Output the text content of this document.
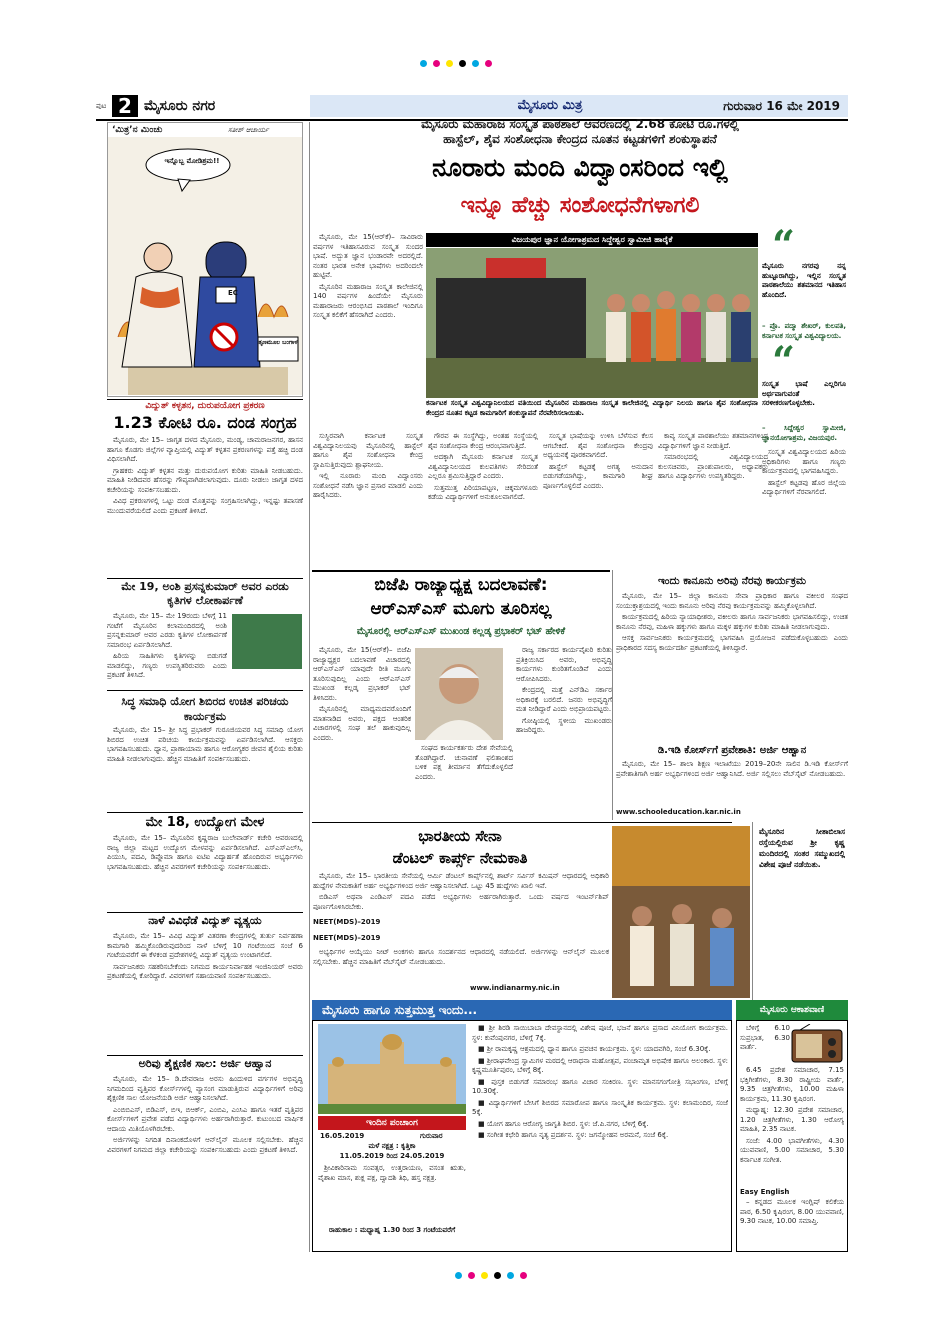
ಪುಟ 2 ಮೈಸೂರು ನಗರ	ಮೈಸೂರು ಮಿತ್ರ	ಗುರುವಾರ 16 ಮೇ 2019
‘ಮಿತ್ರ’ನ ಮಿಂಚು	ಸತೀಶ್ ಆಚಾರ್ಯ
ಇನ್ನೊಬ್ಬ ಮೋಡಿಶ್ರಮ!!
ತೃಣಮೂಲ ಬಂಗಾಳ
EC
ವಿದ್ಯುತ್ ಕಳ್ಳತನ, ದುರುಪಯೋಗ ಪ್ರಕರಣ
1.23 ಕೋಟಿ ರೂ. ದಂಡ ಸಂಗ್ರಹ

ಮೈಸೂರು, ಮೇ 15– ಜಾಗೃತ ದಳದ ಮೈಸೂರು, ಮಂಡ್ಯ, ಚಾಮರಾಜನಗರ, ಹಾಸನ ಹಾಗೂ ಕೊಡಗು ಜಿಲ್ಲೆಗಳ ವ್ಯಾಪ್ತಿಯಲ್ಲಿ ವಿದ್ಯುತ್ ಕಳ್ಳತನ ಪ್ರಕರಣಗಳನ್ನು ಪತ್ತೆ ಹಚ್ಚಿ ದಂಡ ವಿಧಿಸಲಾಗಿದೆ.

ಗ್ರಾಹಕರು ವಿದ್ಯುತ್ ಕಳ್ಳತನ ಮತ್ತು ದುರುಪಯೋಗ ಕುರಿತು ಮಾಹಿತಿ ನೀಡಬಹುದು. ಮಾಹಿತಿ ನೀಡಿದವರ ಹೆಸರನ್ನು ಗೌಪ್ಯವಾಗಿಡಲಾಗುವುದು. ದೂರು ನೀಡಲು ಜಾಗೃತ ದಳದ ಕಚೇರಿಯನ್ನು ಸಂಪರ್ಕಿಸಬಹುದು.

ವಿವಿಧ ಪ್ರಕರಣಗಳಲ್ಲಿ ಒಟ್ಟು ದಂಡ ಮೊತ್ತವನ್ನು ಸಂಗ್ರಹಿಸಲಾಗಿದ್ದು, ಇನ್ನಷ್ಟು ತಪಾಸಣೆ ಮುಂದುವರೆಯಲಿದೆ ಎಂದು ಪ್ರಕಟಣೆ ತಿಳಿಸಿದೆ.

ಮೇ 19, ಅಂಶಿ ಪ್ರಸನ್ನಕುಮಾರ್ ಅವರ ಎರಡು ಕೃತಿಗಳ ಲೋಕಾರ್ಪಣೆ

ಮೈಸೂರು, ಮೇ 15– ಮೇ 19ರಂದು ಬೆಳಿಗ್ಗೆ 11 ಗಂಟೆಗೆ ಮೈಸೂರಿನ ಕಲಾಮಂದಿರದಲ್ಲಿ ಅಂಶಿ ಪ್ರಸನ್ನಕುಮಾರ್ ಅವರ ಎರಡು ಕೃತಿಗಳ ಲೋಕಾರ್ಪಣೆ ಸಮಾರಂಭ ಏರ್ಪಡಿಸಲಾಗಿದೆ.

ಹಿರಿಯ ಸಾಹಿತಿಗಳು ಕೃತಿಗಳನ್ನು ಬಿಡುಗಡೆ ಮಾಡಲಿದ್ದು, ಗಣ್ಯರು ಉಪಸ್ಥಿತರಿರುವರು ಎಂದು ಪ್ರಕಟಣೆ ತಿಳಿಸಿದೆ.

ಸಿದ್ಧ ಸಮಾಧಿ ಯೋಗ ಶಿಬಿರದ ಉಚಿತ ಪರಿಚಯ ಕಾರ್ಯಕ್ರಮ

ಮೈಸೂರು, ಮೇ 15– ಶ್ರೀ ಸಿದ್ಧ ಪ್ರಭಾಕರ್ ಗುರೂಜಿಯವರ ಸಿದ್ಧ ಸಮಾಧಿ ಯೋಗ ಶಿಬಿರದ ಉಚಿತ ಪರಿಚಯ ಕಾರ್ಯಕ್ರಮವನ್ನು ಏರ್ಪಡಿಸಲಾಗಿದೆ. ಆಸಕ್ತರು ಭಾಗವಹಿಸಬಹುದು. ಧ್ಯಾನ, ಪ್ರಾಣಾಯಾಮ ಹಾಗೂ ಆರೋಗ್ಯಕರ ಜೀವನ ಶೈಲಿಯ ಕುರಿತು ಮಾಹಿತಿ ನೀಡಲಾಗುವುದು. ಹೆಚ್ಚಿನ ಮಾಹಿತಿಗೆ ಸಂಪರ್ಕಿಸಬಹುದು.

ಮೇ 18, ಉದ್ಯೋಗ ಮೇಳ

ಮೈಸೂರು, ಮೇ 15– ಮೈಸೂರಿನ ಕೃಷ್ಣರಾಜ ಬುಲೇವಾರ್ಡ್ ಕಚೇರಿ ಆವರಣದಲ್ಲಿ ರಾಜ್ಯ ಜಿಲ್ಲಾ ಮಟ್ಟದ ಉದ್ಯೋಗ ಮೇಳವನ್ನು ಏರ್ಪಡಿಸಲಾಗಿದೆ. ಎಸ್‌ಎಸ್‌ಎಲ್‌ಸಿ, ಪಿಯುಸಿ, ಪದವಿ, ಡಿಪ್ಲೊಮಾ ಹಾಗೂ ಐಟಿಐ ವಿದ್ಯಾರ್ಹತೆ ಹೊಂದಿರುವ ಅಭ್ಯರ್ಥಿಗಳು ಭಾಗವಹಿಸಬಹುದು. ಹೆಚ್ಚಿನ ವಿವರಗಳಿಗೆ ಕಚೇರಿಯನ್ನು ಸಂಪರ್ಕಿಸಬಹುದು.

ನಾಳೆ ವಿವಿಧೆಡೆ ವಿದ್ಯುತ್ ವ್ಯತ್ಯಯ

ಮೈಸೂರು, ಮೇ 15– ವಿವಿಧ ವಿದ್ಯುತ್ ವಿತರಣಾ ಕೇಂದ್ರಗಳಲ್ಲಿ ತುರ್ತು ನಿರ್ವಹಣಾ ಕಾಮಗಾರಿ ಹಮ್ಮಿಕೊಂಡಿರುವುದರಿಂದ ನಾಳೆ ಬೆಳಿಗ್ಗೆ 10 ಗಂಟೆಯಿಂದ ಸಂಜೆ 6 ಗಂಟೆಯವರೆಗೆ ಈ ಕೆಳಕಂಡ ಪ್ರದೇಶಗಳಲ್ಲಿ ವಿದ್ಯುತ್ ವ್ಯತ್ಯಯ ಉಂಟಾಗಲಿದೆ.

ಸಾರ್ವಜನಿಕರು ಸಹಕರಿಸಬೇಕೆಂದು ನಿಗಮದ ಕಾರ್ಯನಿರ್ವಾಹಕ ಇಂಜಿನಿಯರ್ ಅವರು ಪ್ರಕಟಣೆಯಲ್ಲಿ ಕೋರಿದ್ದಾರೆ. ವಿವರಗಳಿಗೆ ಸಹಾಯವಾಣಿ ಸಂಪರ್ಕಿಸಬಹುದು.

ಅರಿವು ಶೈಕ್ಷಣಿಕ ಸಾಲ: ಅರ್ಜಿ ಆಹ್ವಾನ

ಮೈಸೂರು, ಮೇ 15– ಡಿ.ದೇವರಾಜ ಅರಸು ಹಿಂದುಳಿದ ವರ್ಗಗಳ ಅಭಿವೃದ್ಧಿ ನಿಗಮದಿಂದ ವೃತ್ತಿಪರ ಕೋರ್ಸ್‌ಗಳಲ್ಲಿ ವ್ಯಾಸಂಗ ಮಾಡುತ್ತಿರುವ ವಿದ್ಯಾರ್ಥಿಗಳಿಗೆ ಅರಿವು ಶೈಕ್ಷಣಿಕ ಸಾಲ ಯೋಜನೆಯಡಿ ಅರ್ಜಿ ಆಹ್ವಾನಿಸಲಾಗಿದೆ.

ಎಂಬಿಬಿಎಸ್, ಬಿಡಿಎಸ್, ಬಿಇ, ಬಿಆರ್ಕ್, ಎಂಬಿಎ, ಎಂಸಿಎ ಹಾಗೂ ಇತರೆ ವೃತ್ತಿಪರ ಕೋರ್ಸ್‌ಗಳಿಗೆ ಪ್ರವೇಶ ಪಡೆದ ವಿದ್ಯಾರ್ಥಿಗಳು ಅರ್ಹರಾಗಿರುತ್ತಾರೆ. ಕುಟುಂಬದ ವಾರ್ಷಿಕ ಆದಾಯ ಮಿತಿಯೊಳಗಿರಬೇಕು.

ಅರ್ಜಿಗಳನ್ನು ನಿಗದಿತ ದಿನಾಂಕದೊಳಗೆ ಆನ್‌ಲೈನ್ ಮೂಲಕ ಸಲ್ಲಿಸಬೇಕು. ಹೆಚ್ಚಿನ ವಿವರಗಳಿಗೆ ನಿಗಮದ ಜಿಲ್ಲಾ ಕಚೇರಿಯನ್ನು ಸಂಪರ್ಕಿಸಬಹುದು ಎಂದು ಪ್ರಕಟಣೆ ತಿಳಿಸಿದೆ.

ಮೈಸೂರು ಮಹಾರಾಜ ಸಂಸ್ಕೃತ ಪಾಠಶಾಲೆ ಆವರಣದಲ್ಲಿ 2.68 ಕೋಟಿ ರೂ.ಗಳಲ್ಲಿ
ಹಾಸ್ಟೆಲ್, ಶೈವ ಸಂಶೋಧನಾ ಕೇಂದ್ರದ ನೂತನ ಕಟ್ಟಡಗಳಿಗೆ ಶಂಕುಸ್ಥಾಪನೆ
ನೂರಾರು ಮಂದಿ ವಿದ್ವಾಂಸರಿಂದ ಇಲ್ಲಿ
ಇನ್ನೂ ಹೆಚ್ಚು ಸಂಶೋಧನೆಗಳಾಗಲಿ

ಮೈಸೂರು, ಮೇ 15(ಆರ್‌ಕೆ)– ಸಾವಿರಾರು ವರ್ಷಗಳ ಇತಿಹಾಸವಿರುವ ಸಂಸ್ಕೃತ ಸುಂದರ ಭಾಷೆ. ಅದ್ಭುತ ಜ್ಞಾನ ಭಂಡಾರವೇ ಅದರಲ್ಲಿದೆ. ನಂತರ ಭಾರತ ಅನೇಕ ಭಾಷೆಗಳು ಅದರಿಂದಲೇ ಹುಟ್ಟಿವೆ.

ಮೈಸೂರಿನ ಮಹಾರಾಜ ಸಂಸ್ಕೃತ ಕಾಲೇಜಿನಲ್ಲಿ 140 ವರ್ಷಗಳ ಹಿಂದೆಯೇ ಮೈಸೂರು ಮಹಾರಾಜರು ಆರಂಭಿಸಿದ ಪಾಠಶಾಲೆ ಇಂದಿಗೂ ಸಂಸ್ಕೃತ ಕಲಿಕೆಗೆ ಹೆಸರಾಗಿದೆ ಎಂದರು.

ವಿಜಯಪುರ ಜ್ಞಾನ ಯೋಗಾಶ್ರಮದ ಸಿದ್ದೇಶ್ವರ ಸ್ವಾಮೀಜಿ ಹಾರೈಕೆ
ಕರ್ನಾಟಕ ಸಂಸ್ಕೃತ ವಿಶ್ವವಿದ್ಯಾನಿಲಯದ ವತಿಯಿಂದ ಮೈಸೂರಿನ ಮಹಾರಾಜ ಸಂಸ್ಕೃತ ಕಾಲೇಜಿನಲ್ಲಿ ವಿದ್ಯಾರ್ಥಿ ನಿಲಯ ಹಾಗೂ ಶೈವ ಸಂಶೋಧನಾ ಕೇಂದ್ರದ ನೂತನ ಕಟ್ಟಡ ಕಾಮಗಾರಿಗೆ ಶಂಕುಸ್ಥಾಪನೆ ನೆರವೇರಿಸಲಾಯಿತು.

ಸುಸ್ಥಿರವಾಗಿ ಕರ್ನಾಟಕ ಸಂಸ್ಕೃತ ವಿಶ್ವವಿದ್ಯಾನಿಲಯವು ಮೈಸೂರಿನಲ್ಲಿ ಹಾಸ್ಟೆಲ್ ಹಾಗೂ ಶೈವ ಸಂಶೋಧನಾ ಕೇಂದ್ರ ಸ್ಥಾಪಿಸುತ್ತಿರುವುದು ಶ್ಲಾಘನೀಯ.

ಇಲ್ಲಿ ನೂರಾರು ಮಂದಿ ವಿದ್ವಾಂಸರು ಸಂಶೋಧನೆ ನಡೆಸಿ ಜ್ಞಾನ ಪ್ರಸಾರ ಮಾಡಲಿ ಎಂದು ಹಾರೈಸಿದರು.

ಗೌರವ ಈ ಸಂಸ್ಥೆಗಿದ್ದು, ಅಂತಹ ಸಂಸ್ಥೆಯಲ್ಲಿ ಶೈವ ಸಂಶೋಧನಾ ಕೇಂದ್ರ ಆರಂಭವಾಗುತ್ತಿದೆ.

ಅದಕ್ಕಾಗಿ ಮೈಸೂರು ಕರ್ನಾಟಕ ಸಂಸ್ಕೃತ ವಿಶ್ವವಿದ್ಯಾನಿಲಯದ ಕುಲಪತಿಗಳು ಸೇರಿದಂತೆ ಎಲ್ಲರೂ ಶ್ರಮಿಸುತ್ತಿದ್ದಾರೆ ಎಂದರು.

ಸುತ್ತಮುತ್ತ ಪಿರಿಯಾಪಟ್ಟಣ, ಚಿಕ್ಕಮಗಳೂರು ಕಡೆಯ ವಿದ್ಯಾರ್ಥಿಗಳಿಗೆ ಅನುಕೂಲವಾಗಲಿದೆ.

ಸಂಸ್ಕೃತ ಭಾಷೆಯನ್ನು ಉಳಿಸಿ ಬೆಳೆಸುವ ಕೆಲಸ ಆಗಬೇಕಿದೆ. ಶೈವ ಸಂಶೋಧನಾ ಕೇಂದ್ರವು ಅಧ್ಯಯನಕ್ಕೆ ಪೂರಕವಾಗಲಿದೆ.

ಹಾಸ್ಟೆಲ್ ಕಟ್ಟಡಕ್ಕೆ ಅಗತ್ಯ ಅನುದಾನ ಬಿಡುಗಡೆಯಾಗಿದ್ದು, ಕಾಮಗಾರಿ ಶೀಘ್ರ ಪೂರ್ಣಗೊಳ್ಳಲಿದೆ ಎಂದರು.

ಕಾವ್ಯ ಸಂಸ್ಕೃತ ಪಾಠಶಾಲೆಯು ಶತಮಾನಗಳಿಂದ ವಿದ್ಯಾರ್ಥಿಗಳಿಗೆ ಜ್ಞಾನ ನೀಡುತ್ತಿದೆ.

ಸಮಾರಂಭದಲ್ಲಿ ವಿಶ್ವವಿದ್ಯಾಲಯದ ಕುಲಸಚಿವರು, ಪ್ರಾಂಶುಪಾಲರು, ಅಧ್ಯಾಪಕರು ಹಾಗೂ ವಿದ್ಯಾರ್ಥಿಗಳು ಉಪಸ್ಥಿತರಿದ್ದರು.

“
ಮೈಸೂರು ನಗರವು ನನ್ನ ಹುಟ್ಟೂರಾಗಿದ್ದು, ಇಲ್ಲಿನ ಸಂಸ್ಕೃತ ಪಾಠಶಾಲೆಯು ಶತಮಾನದ ಇತಿಹಾಸ ಹೊಂದಿದೆ.
– ಪ್ರೊ. ಪದ್ಮಾ ಶೇಖರ್, ಕುಲಪತಿ, ಕರ್ನಾಟಕ ಸಂಸ್ಕೃತ ವಿಶ್ವವಿದ್ಯಾಲಯ.
“
ಸಂಸ್ಕೃತ ಭಾಷೆ ಎಲ್ಲರಿಗೂ ಅರ್ಥವಾಗುವಂತೆ ಸರಳೀಕರಣಗೊಳ್ಳಬೇಕು.
– ಸಿದ್ದೇಶ್ವರ ಸ್ವಾಮೀಜಿ, ಜ್ಞಾನಯೋಗಾಶ್ರಮ, ವಿಜಯಪುರ.

ಸಂಸ್ಕೃತ ವಿಶ್ವವಿದ್ಯಾಲಯದ ಹಿರಿಯ ಅಧಿಕಾರಿಗಳು ಹಾಗೂ ಗಣ್ಯರು ಕಾರ್ಯಕ್ರಮದಲ್ಲಿ ಭಾಗವಹಿಸಿದ್ದರು.

ಹಾಸ್ಟೆಲ್ ಕಟ್ಟಡವು ಹೊರ ಜಿಲ್ಲೆಯ ವಿದ್ಯಾರ್ಥಿಗಳಿಗೆ ನೆರವಾಗಲಿದೆ.

ಬಿಜೆಪಿ ರಾಜ್ಯಾಧ್ಯಕ್ಷ ಬದಲಾವಣೆ:
ಆರ್‌ಎಸ್‌ಎಸ್ ಮೂಗು ತೂರಿಸಲ್ಲ
ಮೈಸೂರಲ್ಲಿ ಆರ್‌ಎಸ್‌ಎಸ್ ಮುಖಂಡ ಕಲ್ಲಡ್ಕ ಪ್ರಭಾಕರ್ ಭಟ್ ಹೇಳಿಕೆ

ಮೈಸೂರು, ಮೇ 15(ಆರ್‌ಕೆ)– ಬಿಜೆಪಿ ರಾಜ್ಯಾಧ್ಯಕ್ಷರ ಬದಲಾವಣೆ ವಿಚಾರದಲ್ಲಿ ಆರ್‌ಎಸ್‌ಎಸ್ ಯಾವುದೇ ರೀತಿ ಮೂಗು ತೂರಿಸುವುದಿಲ್ಲ ಎಂದು ಆರ್‌ಎಸ್‌ಎಸ್ ಮುಖಂಡ ಕಲ್ಲಡ್ಕ ಪ್ರಭಾಕರ್ ಭಟ್ ತಿಳಿಸಿದರು.

ಮೈಸೂರಿನಲ್ಲಿ ಮಾಧ್ಯಮದವರೊಂದಿಗೆ ಮಾತನಾಡಿದ ಅವರು, ಪಕ್ಷದ ಆಂತರಿಕ ವಿಚಾರಗಳಲ್ಲಿ ಸಂಘ ತಲೆ ಹಾಕುವುದಿಲ್ಲ ಎಂದರು.

ಸಂಘದ ಕಾರ್ಯಕರ್ತರು ದೇಶ ಸೇವೆಯಲ್ಲಿ ತೊಡಗಿದ್ದಾರೆ. ಚುನಾವಣೆ ಫಲಿತಾಂಶದ ಬಳಿಕ ಪಕ್ಷ ತೀರ್ಮಾನ ತೆಗೆದುಕೊಳ್ಳಲಿದೆ ಎಂದರು.

ರಾಜ್ಯ ಸರ್ಕಾರದ ಕಾರ್ಯವೈಖರಿ ಕುರಿತು ಪ್ರತಿಕ್ರಿಯಿಸಿದ ಅವರು, ಅಭಿವೃದ್ಧಿ ಕಾರ್ಯಗಳು ಕುಂಠಿತಗೊಂಡಿವೆ ಎಂದು ಆರೋಪಿಸಿದರು.

ಕೇಂದ್ರದಲ್ಲಿ ಮತ್ತೆ ಎನ್‌ಡಿಎ ಸರ್ಕಾರ ಅಧಿಕಾರಕ್ಕೆ ಬರಲಿದೆ. ಜನರು ಅಭಿವೃದ್ಧಿಗೆ ಮತ ನೀಡಿದ್ದಾರೆ ಎಂದು ಅಭಿಪ್ರಾಯಪಟ್ಟರು.

ಗೋಷ್ಠಿಯಲ್ಲಿ ಸ್ಥಳೀಯ ಮುಖಂಡರು ಹಾಜರಿದ್ದರು.

ಇಂದು ಕಾನೂನು ಅರಿವು ನೆರವು ಕಾರ್ಯಕ್ರಮ

ಮೈಸೂರು, ಮೇ 15– ಜಿಲ್ಲಾ ಕಾನೂನು ಸೇವಾ ಪ್ರಾಧಿಕಾರ ಹಾಗೂ ವಕೀಲರ ಸಂಘದ ಸಂಯುಕ್ತಾಶ್ರಯದಲ್ಲಿ ಇಂದು ಕಾನೂನು ಅರಿವು ನೆರವು ಕಾರ್ಯಕ್ರಮವನ್ನು ಹಮ್ಮಿಕೊಳ್ಳಲಾಗಿದೆ.

ಕಾರ್ಯಕ್ರಮದಲ್ಲಿ ಹಿರಿಯ ನ್ಯಾಯಾಧೀಶರು, ವಕೀಲರು ಹಾಗೂ ಸಾರ್ವಜನಿಕರು ಭಾಗವಹಿಸಲಿದ್ದು, ಉಚಿತ ಕಾನೂನು ನೆರವು, ಮಹಿಳಾ ಹಕ್ಕುಗಳು ಹಾಗೂ ಮಕ್ಕಳ ಹಕ್ಕುಗಳ ಕುರಿತು ಮಾಹಿತಿ ನೀಡಲಾಗುವುದು.

ಆಸಕ್ತ ಸಾರ್ವಜನಿಕರು ಕಾರ್ಯಕ್ರಮದಲ್ಲಿ ಭಾಗವಹಿಸಿ ಪ್ರಯೋಜನ ಪಡೆದುಕೊಳ್ಳಬಹುದು ಎಂದು ಪ್ರಾಧಿಕಾರದ ಸದಸ್ಯ ಕಾರ್ಯದರ್ಶಿ ಪ್ರಕಟಣೆಯಲ್ಲಿ ತಿಳಿಸಿದ್ದಾರೆ.

ಡಿ.ಇಡಿ ಕೋರ್ಸ್‌ಗೆ ಪ್ರವೇಶಾತಿ: ಅರ್ಜಿ ಆಹ್ವಾನ

ಮೈಸೂರು, ಮೇ 15– ಶಾಲಾ ಶಿಕ್ಷಣ ಇಲಾಖೆಯು 2019–20ನೇ ಸಾಲಿನ ಡಿ.ಇಡಿ ಕೋರ್ಸ್‌ಗೆ ಪ್ರವೇಶಾತಿಗಾಗಿ ಅರ್ಹ ಅಭ್ಯರ್ಥಿಗಳಿಂದ ಅರ್ಜಿ ಆಹ್ವಾನಿಸಿದೆ. ಅರ್ಜಿ ಸಲ್ಲಿಸಲು ವೆಬ್‌ಸೈಟ್ ನೋಡಬಹುದು.

www.schooleducation.kar.nic.in
ಭಾರತೀಯ ಸೇನಾ
ಡೆಂಟಲ್ ಕಾರ್ಪ್ಸ್ ನೇಮಕಾತಿ

ಮೈಸೂರು, ಮೇ 15– ಭಾರತೀಯ ಸೇನೆಯಲ್ಲಿ ಆರ್ಮಿ ಡೆಂಟಲ್ ಕಾರ್ಪ್ಸ್‌ನಲ್ಲಿ ಶಾರ್ಟ್ ಸರ್ವಿಸ್ ಕಮಿಷನ್ ಆಧಾರದಲ್ಲಿ ಅಧಿಕಾರಿ ಹುದ್ದೆಗಳ ನೇಮಕಾತಿಗೆ ಅರ್ಹ ಅಭ್ಯರ್ಥಿಗಳಿಂದ ಅರ್ಜಿ ಆಹ್ವಾನಿಸಲಾಗಿದೆ. ಒಟ್ಟು 45 ಹುದ್ದೆಗಳು ಖಾಲಿ ಇವೆ.

ಬಿಡಿಎಸ್ ಅಥವಾ ಎಂಡಿಎಸ್ ಪದವಿ ಪಡೆದ ಅಭ್ಯರ್ಥಿಗಳು ಅರ್ಹರಾಗಿರುತ್ತಾರೆ. ಒಂದು ವರ್ಷದ ಇಂಟರ್ನ್‌ಶಿಪ್ ಪೂರ್ಣಗೊಳಿಸಿರಬೇಕು.

NEET(MDS)–2019
NEET(MDS)–2019

ಅಭ್ಯರ್ಥಿಗಳ ಆಯ್ಕೆಯು ನೀಟ್ ಅಂಕಗಳು ಹಾಗೂ ಸಂದರ್ಶನದ ಆಧಾರದಲ್ಲಿ ನಡೆಯಲಿದೆ. ಅರ್ಜಿಗಳನ್ನು ಆನ್‌ಲೈನ್ ಮೂಲಕ ಸಲ್ಲಿಸಬೇಕು. ಹೆಚ್ಚಿನ ಮಾಹಿತಿಗೆ ವೆಬ್‌ಸೈಟ್ ನೋಡಬಹುದು.

www.indianarmy.nic.in
ಮೈಸೂರಿನ ಸೀತಾಬಿಲಾಸ ರಸ್ತೆಯಲ್ಲಿರುವ ಶ್ರೀ ಕೃಷ್ಣ ಮಂದಿರದಲ್ಲಿ ಸಂತರ ಸಮ್ಮುಖದಲ್ಲಿ ವಿಶೇಷ ಪೂಜೆ ನಡೆಯಿತು.
ಮೈಸೂರು ಹಾಗೂ ಸುತ್ತಮುತ್ತ ಇಂದು...
ಇಂದಿನ ಪಂಚಾಂಗ
16.05.2019	ಗುರುವಾರ
ಮಳೆ ನಕ್ಷತ್ರ : ಕೃತ್ತಿಕಾ
11.05.2019 ರಿಂದ 24.05.2019

ಶ್ರೀವಿಕಾರಿನಾಮ ಸಂವತ್ಸರ, ಉತ್ತರಾಯಣ, ವಸಂತ ಋತು, ವೈಶಾಖ ಮಾಸ, ಶುಕ್ಲ ಪಕ್ಷ, ದ್ವಾದಶಿ ತಿಥಿ, ಹಸ್ತ ನಕ್ಷತ್ರ.

ರಾಹುಕಾಲ : ಮಧ್ಯಾಹ್ನ 1.30 ರಿಂದ 3 ಗಂಟೆಯವರೆಗೆ

■ ಶ್ರೀ ಶಿರಡಿ ಸಾಯಿಬಾಬಾ ದೇವಸ್ಥಾನದಲ್ಲಿ ವಿಶೇಷ ಪೂಜೆ, ಭಜನೆ ಹಾಗೂ ಪ್ರಸಾದ ವಿನಿಯೋಗ ಕಾರ್ಯಕ್ರಮ. ಸ್ಥಳ: ಕುವೆಂಪುನಗರ, ಬೆಳಿಗ್ಗೆ 7ಕ್ಕೆ.

■ ಶ್ರೀ ರಾಮಕೃಷ್ಣ ಆಶ್ರಮದಲ್ಲಿ ಧ್ಯಾನ ಹಾಗೂ ಪ್ರವಚನ ಕಾರ್ಯಕ್ರಮ. ಸ್ಥಳ: ಯಾದವಗಿರಿ, ಸಂಜೆ 6.30ಕ್ಕೆ.

■ ಶ್ರೀರಾಘವೇಂದ್ರ ಸ್ವಾಮಿಗಳ ಮಠದಲ್ಲಿ ಆರಾಧನಾ ಮಹೋತ್ಸವ, ಪಂಚಾಮೃತ ಅಭಿಷೇಕ ಹಾಗೂ ಅಲಂಕಾರ. ಸ್ಥಳ: ಕೃಷ್ಣಮೂರ್ತಿಪುರಂ, ಬೆಳಿಗ್ಗೆ 8ಕ್ಕೆ.

■ ಪುಸ್ತಕ ಬಿಡುಗಡೆ ಸಮಾರಂಭ ಹಾಗೂ ವಿಚಾರ ಸಂಕಿರಣ. ಸ್ಥಳ: ಮಾನಸಗಂಗೋತ್ರಿ ಸಭಾಂಗಣ, ಬೆಳಿಗ್ಗೆ 10.30ಕ್ಕೆ.

■ ವಿದ್ಯಾರ್ಥಿಗಳಿಗೆ ಬೇಸಿಗೆ ಶಿಬಿರದ ಸಮಾರೋಪ ಹಾಗೂ ಸಾಂಸ್ಕೃತಿಕ ಕಾರ್ಯಕ್ರಮ. ಸ್ಥಳ: ಕಲಾಮಂದಿರ, ಸಂಜೆ 5ಕ್ಕೆ.

■ ಯೋಗ ಹಾಗೂ ಆರೋಗ್ಯ ಜಾಗೃತಿ ಶಿಬಿರ. ಸ್ಥಳ: ಜೆ.ಪಿ.ನಗರ, ಬೆಳಿಗ್ಗೆ 6ಕ್ಕೆ.

■ ಸಂಗೀತ ಕಛೇರಿ ಹಾಗೂ ನೃತ್ಯ ಪ್ರದರ್ಶನ. ಸ್ಥಳ: ಜಗನ್ಮೋಹನ ಅರಮನೆ, ಸಂಜೆ 6ಕ್ಕೆ.

ಮೈಸೂರು ಆಕಾಶವಾಣಿ

ಬೆಳಿಗ್ಗೆ 6.10 ಸುಪ್ರಭಾತ, 6.30 ವಾರ್ತೆ.

6.45 ಪ್ರದೇಶ ಸಮಾಚಾರ, 7.15 ಭಕ್ತಿಗೀತೆಗಳು, 8.30 ರಾಷ್ಟ್ರೀಯ ವಾರ್ತೆ, 9.35 ಚಿತ್ರಗೀತೆಗಳು, 10.00 ಮಹಿಳಾ ಕಾರ್ಯಕ್ರಮ, 11.30 ಕೃಷಿರಂಗ.

ಮಧ್ಯಾಹ್ನ: 12.30 ಪ್ರದೇಶ ಸಮಾಚಾರ, 1.20 ಚಿತ್ರಗೀತೆಗಳು, 1.30 ಆರೋಗ್ಯ ಮಾಹಿತಿ, 2.35 ನಾಟಕ.

ಸಂಜೆ: 4.00 ಭಾವಗೀತೆಗಳು, 4.30 ಯುವವಾಣಿ, 5.00 ಸಮಾಚಾರ, 5.30 ಕರ್ನಾಟಕ ಸಂಗೀತ.

Easy English

– ಕನ್ನಡದ ಮೂಲಕ ಇಂಗ್ಲಿಷ್ ಕಲಿಕೆಯ ಪಾಠ, 6.50 ಕೃಷಿರಂಗ, 8.00 ಯುವವಾಣಿ, 9.30 ನಾಟಕ, 10.00 ಸಮಾಪ್ತಿ.
